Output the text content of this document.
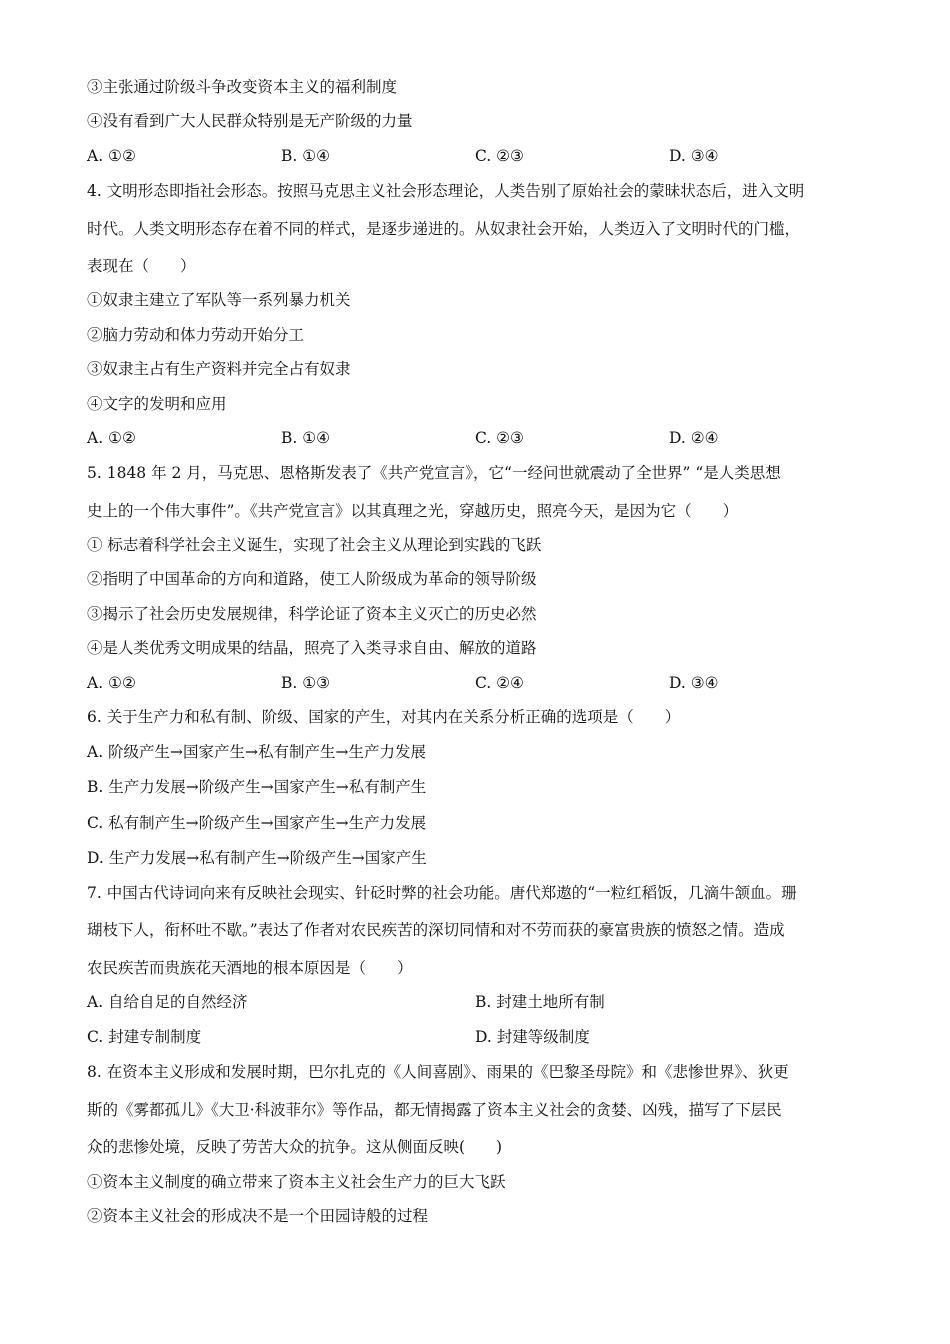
③主张通过阶级斗争改变资本主义的福利制度
④没有看到广大人民群众特别是无产阶级的力量
A. ①②	B. ①④	C. ②③	D. ③④
4. 文明形态即指社会形态。按照马克思主义社会形态理论，人类告别了原始社会的蒙昧状态后，进入文明
时代。人类文明形态存在着不同的样式，是逐步递进的。从奴隶社会开始，人类迈入了文明时代的门槛，
表现在（　　）
①奴隶主建立了军队等一系列暴力机关
②脑力劳动和体力劳动开始分工
③奴隶主占有生产资料并完全占有奴隶
④文字的发明和应用
A. ①②	B. ①④	C. ②③	D. ②④
5. 1848 年 2 月，马克思、恩格斯发表了《共产党宣言》，它“一经问世就震动了全世界” “是人类思想
史上的一个伟大事件”。《共产党宣言》以其真理之光，穿越历史，照亮今天，是因为它（　　）
① 标志着科学社会主义诞生，实现了社会主义从理论到实践的飞跃
②指明了中国革命的方向和道路，使工人阶级成为革命的领导阶级
③揭示了社会历史发展规律，科学论证了资本主义灭亡的历史必然
④是人类优秀文明成果的结晶，照亮了入类寻求自由、解放的道路
A. ①②	B. ①③	C. ②④	D. ③④
6. 关于生产力和私有制、阶级、国家的产生，对其内在关系分析正确的选项是（　　）
A. 阶级产生→国家产生→私有制产生→生产力发展
B. 生产力发展→阶级产生→国家产生→私有制产生
C. 私有制产生→阶级产生→国家产生→生产力发展
D. 生产力发展→私有制产生→阶级产生→国家产生
7. 中国古代诗词向来有反映社会现实、针砭时弊的社会功能。唐代郑遨的“一粒红稻饭，几滴牛颔血。珊
瑚枝下人，衔杯吐不歇。”表达了作者对农民疾苦的深切同情和对不劳而获的豪富贵族的愤怒之情。造成
农民疾苦而贵族花天酒地的根本原因是（　　）
A. 自给自足的自然经济	B. 封建土地所有制
C. 封建专制制度	D. 封建等级制度
8. 在资本主义形成和发展时期，巴尔扎克的《人间喜剧》、雨果的《巴黎圣母院》和《悲惨世界》、狄更
斯的《雾都孤儿》《大卫·科波菲尔》等作品，都无情揭露了资本主义社会的贪婪、凶残，描写了下层民
众的悲惨处境，反映了劳苦大众的抗争。这从侧面反映(　　)
①资本主义制度的确立带来了资本主义社会生产力的巨大飞跃
②资本主义社会的形成决不是一个田园诗般的过程
